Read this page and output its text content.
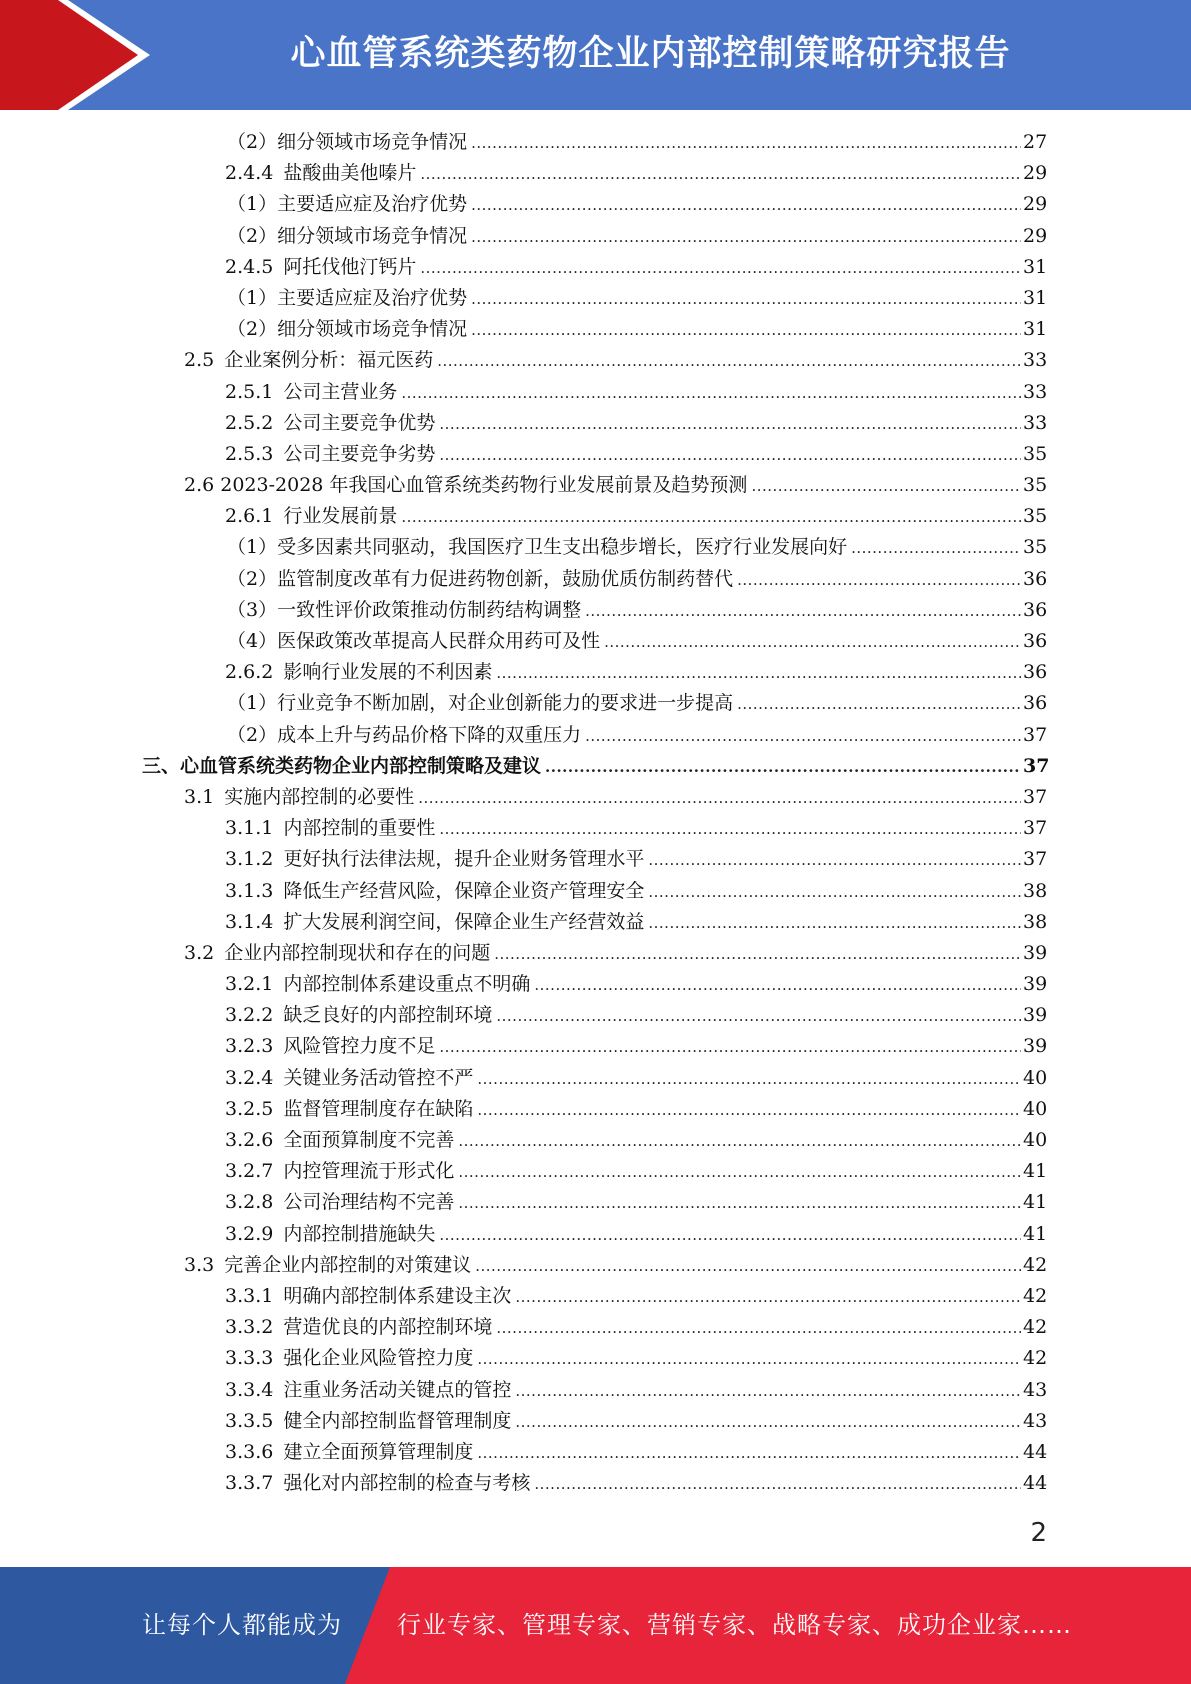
心血管系统类药物企业内部控制策略研究报告
（2）细分领域市场竞争情况 .....	27
2.4.4 盐酸曲美他嗪片 .....	29
（1）主要适应症及治疗优势 .....	29
（2）细分领域市场竞争情况 .....	29
2.4.5 阿托伐他汀钙片 .....	31
（1）主要适应症及治疗优势 .....	31
（2）细分领域市场竞争情况 .....	31
2.5 企业案例分析：福元医药 .....	33
2.5.1 公司主营业务 .....	33
2.5.2 公司主要竞争优势 .....	33
2.5.3 公司主要竞争劣势 .....	35
2.6 2023-2028 年我国心血管系统类药物行业发展前景及趋势预测 .....	35
2.6.1 行业发展前景 .....	35
（1）受多因素共同驱动，我国医疗卫生支出稳步增长，医疗行业发展向好 .....	35
（2）监管制度改革有力促进药物创新，鼓励优质仿制药替代 .....	36
（3）一致性评价政策推动仿制药结构调整 .....	36
（4）医保政策改革提高人民群众用药可及性 .....	36
2.6.2 影响行业发展的不利因素 .....	36
（1）行业竞争不断加剧，对企业创新能力的要求进一步提高 .....	36
（2）成本上升与药品价格下降的双重压力 .....	37
三、心血管系统类药物企业内部控制策略及建议 .....	37
3.1 实施内部控制的必要性 .....	37
3.1.1 内部控制的重要性 .....	37
3.1.2 更好执行法律法规，提升企业财务管理水平 .....	37
3.1.3 降低生产经营风险，保障企业资产管理安全 .....	38
3.1.4 扩大发展利润空间，保障企业生产经营效益 .....	38
3.2 企业内部控制现状和存在的问题 .....	39
3.2.1 内部控制体系建设重点不明确 .....	39
3.2.2 缺乏良好的内部控制环境 .....	39
3.2.3 风险管控力度不足 .....	39
3.2.4 关键业务活动管控不严 .....	40
3.2.5 监督管理制度存在缺陷 .....	40
3.2.6 全面预算制度不完善 .....	40
3.2.7 内控管理流于形式化 .....	41
3.2.8 公司治理结构不完善 .....	41
3.2.9 内部控制措施缺失 .....	41
3.3 完善企业内部控制的对策建议 .....	42
3.3.1 明确内部控制体系建设主次 .....	42
3.3.2 营造优良的内部控制环境 .....	42
3.3.3 强化企业风险管控力度 .....	42
3.3.4 注重业务活动关键点的管控 .....	43
3.3.5 健全内部控制监督管理制度 .....	43
3.3.6 建立全面预算管理制度 .....	44
3.3.7 强化对内部控制的检查与考核 .....	44
2
让每个人都能成为 行业专家、管理专家、营销专家、战略专家、成功企业家……
